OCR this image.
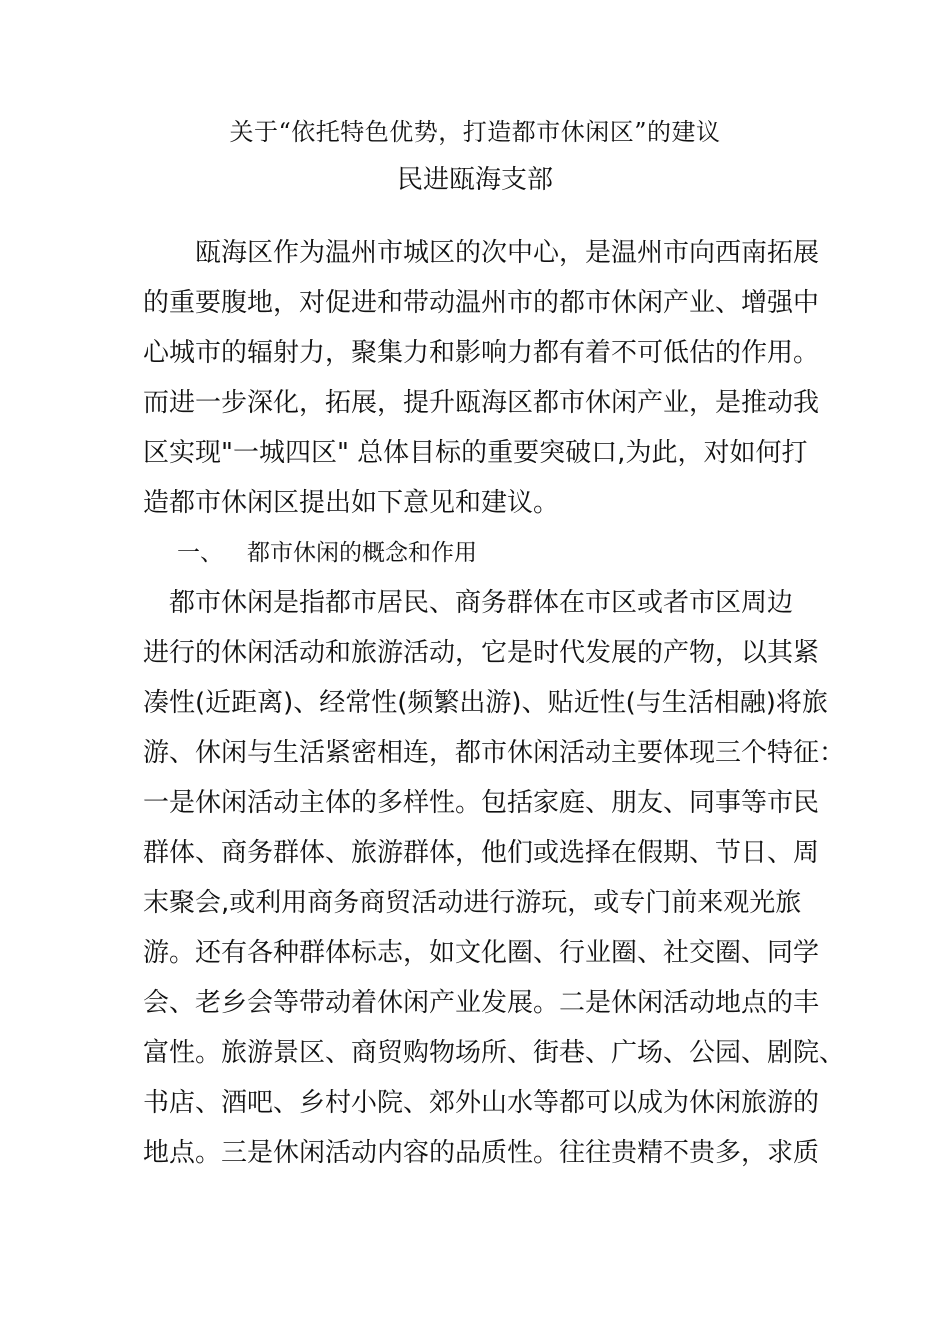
关于“依托特色优势，打造都市休闲区”的建议
民进瓯海支部
　　瓯海区作为温州市城区的次中心，是温州市向西南拓展
的重要腹地，对促进和带动温州市的都市休闲产业、增强中
心城市的辐射力，聚集力和影响力都有着不可低估的作用。
而进一步深化，拓展，提升瓯海区都市休闲产业，是推动我
区实现"一城四区" 总体目标的重要突破口,为此，对如何打
造都市休闲区提出如下意见和建议。
一、 都市休闲的概念和作用
　都市休闲是指都市居民、商务群体在市区或者市区周边
进行的休闲活动和旅游活动，它是时代发展的产物，以其紧
凑性(近距离)、经常性(频繁出游)、贴近性(与生活相融)将旅
游、休闲与生活紧密相连，都市休闲活动主要体现三个特征：
一是休闲活动主体的多样性。包括家庭、朋友、同事等市民
群体、商务群体、旅游群体，他们或选择在假期、节日、周
末聚会,或利用商务商贸活动进行游玩，或专门前来观光旅
游。还有各种群体标志，如文化圈、行业圈、社交圈、同学
会、老乡会等带动着休闲产业发展。二是休闲活动地点的丰
富性。旅游景区、商贸购物场所、街巷、广场、公园、剧院、
书店、酒吧、乡村小院、郊外山水等都可以成为休闲旅游的
地点。三是休闲活动内容的品质性。往往贵精不贵多，求质
